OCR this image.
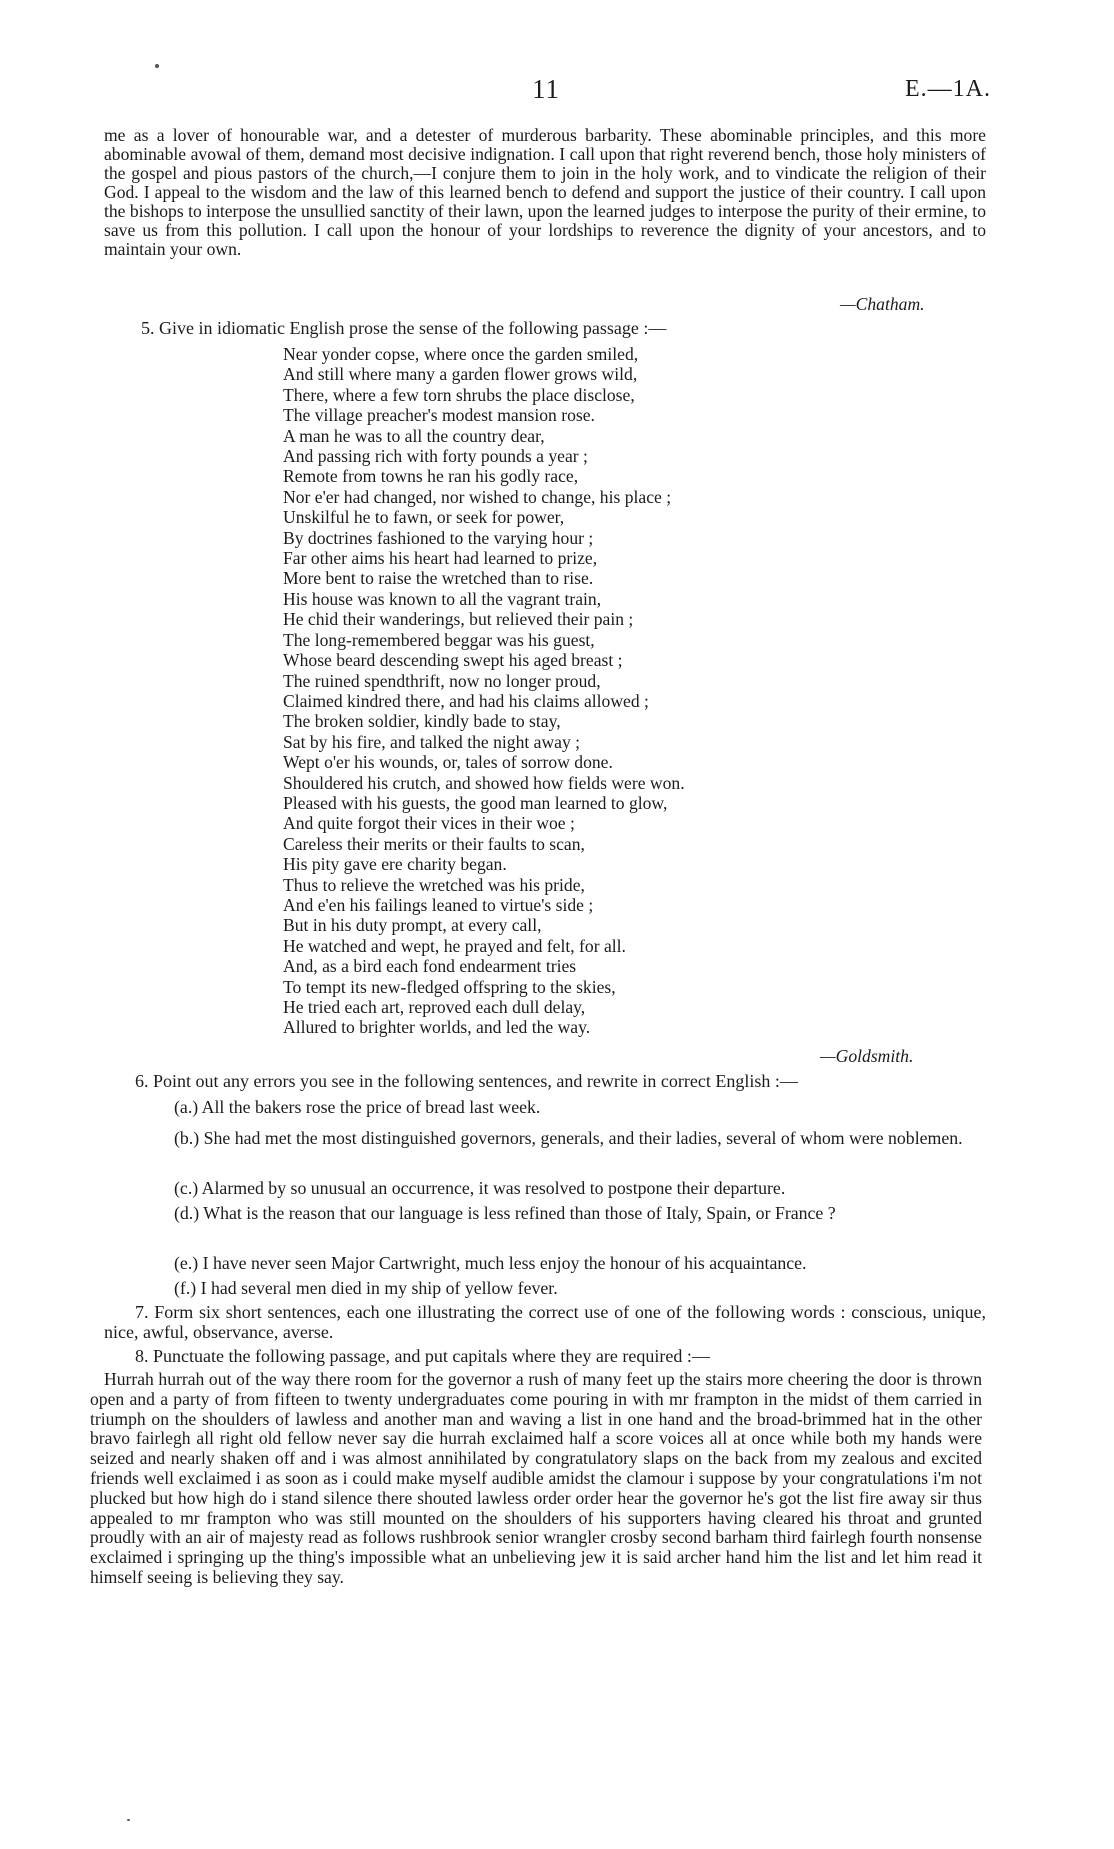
11	E.—1A.
me as a lover of honourable war, and a detester of murderous barbarity. These abominable principles, and this more abominable avowal of them, demand most decisive indignation. I call upon that right reverend bench, those holy ministers of the gospel and pious pastors of the church,—I conjure them to join in the holy work, and to vindicate the religion of their God. I appeal to the wisdom and the law of this learned bench to defend and support the justice of their country. I call upon the bishops to interpose the unsullied sanctity of their lawn, upon the learned judges to interpose the purity of their ermine, to save us from this pollution. I call upon the honour of your lordships to reverence the dignity of your ancestors, and to maintain your own.
—Chatham.
5. Give in idiomatic English prose the sense of the following passage :—
Near yonder copse, where once the garden smiled,
And still where many a garden flower grows wild,
There, where a few torn shrubs the place disclose,
The village preacher's modest mansion rose.
A man he was to all the country dear,
And passing rich with forty pounds a year ;
Remote from towns he ran his godly race,
Nor e'er had changed, nor wished to change, his place ;
Unskilful he to fawn, or seek for power,
By doctrines fashioned to the varying hour ;
Far other aims his heart had learned to prize,
More bent to raise the wretched than to rise.
His house was known to all the vagrant train,
He chid their wanderings, but relieved their pain ;
The long-remembered beggar was his guest,
Whose beard descending swept his aged breast ;
The ruined spendthrift, now no longer proud,
Claimed kindred there, and had his claims allowed ;
The broken soldier, kindly bade to stay,
Sat by his fire, and talked the night away ;
Wept o'er his wounds, or, tales of sorrow done.
Shouldered his crutch, and showed how fields were won.
Pleased with his guests, the good man learned to glow,
And quite forgot their vices in their woe ;
Careless their merits or their faults to scan,
His pity gave ere charity began.
Thus to relieve the wretched was his pride,
And e'en his failings leaned to virtue's side ;
But in his duty prompt, at every call,
He watched and wept, he prayed and felt, for all.
And, as a bird each fond endearment tries
To tempt its new-fledged offspring to the skies,
He tried each art, reproved each dull delay,
Allured to brighter worlds, and led the way.
—Goldsmith.
6. Point out any errors you see in the following sentences, and rewrite in correct English :—
(a.) All the bakers rose the price of bread last week.
(b.) She had met the most distinguished governors, generals, and their ladies, several of whom were noblemen.
(c.) Alarmed by so unusual an occurrence, it was resolved to postpone their departure.
(d.) What is the reason that our language is less refined than those of Italy, Spain, or France ?
(e.) I have never seen Major Cartwright, much less enjoy the honour of his acquaintance.
(f.) I had several men died in my ship of yellow fever.
7. Form six short sentences, each one illustrating the correct use of one of the following words : conscious, unique, nice, awful, observance, averse.
8. Punctuate the following passage, and put capitals where they are required :—
Hurrah hurrah out of the way there room for the governor a rush of many feet up the stairs more cheering the door is thrown open and a party of from fifteen to twenty undergraduates come pouring in with mr frampton in the midst of them carried in triumph on the shoulders of lawless and another man and waving a list in one hand and the broad-brimmed hat in the other bravo fairlegh all right old fellow never say die hurrah exclaimed half a score voices all at once while both my hands were seized and nearly shaken off and i was almost annihilated by congratulatory slaps on the back from my zealous and excited friends well exclaimed i as soon as i could make myself audible amidst the clamour i suppose by your congratulations i'm not plucked but how high do i stand silence there shouted lawless order order hear the governor he's got the list fire away sir thus appealed to mr frampton who was still mounted on the shoulders of his supporters having cleared his throat and grunted proudly with an air of majesty read as follows rushbrook senior wrangler crosby second barham third fairlegh fourth nonsense exclaimed i springing up the thing's impossible what an unbelieving jew it is said archer hand him the list and let him read it himself seeing is believing they say.
